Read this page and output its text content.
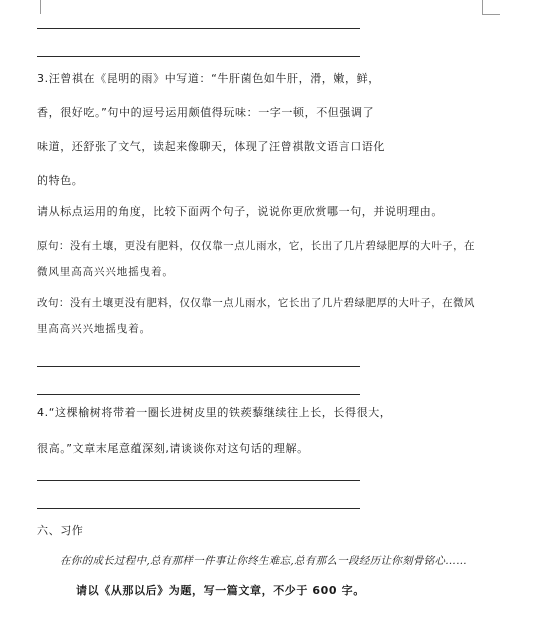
3.汪曾祺在《昆明的雨》中写道：“牛肝菌色如牛肝，滑，嫩，鲜，
香，很好吃。”句中的逗号运用颇值得玩味：一字一顿，不但强调了
味道，还舒张了文气，读起来像聊天，体现了汪曾祺散文语言口语化
的特色。
请从标点运用的角度，比较下面两个句子，说说你更欣赏哪一句，并说明理由。
原句：没有土壤，更没有肥料，仅仅靠一点儿雨水，它，长出了几片碧绿肥厚的大叶子，在
微风里高高兴兴地摇曳着。
改句：没有土壤更没有肥料，仅仅靠一点儿雨水，它长出了几片碧绿肥厚的大叶子，在微风
里高高兴兴地摇曳着。
4.“这棵榆树将带着一圈长进树皮里的铁蒺藜继续往上长，长得很大，
很高。”文章末尾意蕴深刻,请谈谈你对这句话的理解。
六、习作
在你的成长过程中,总有那样一件事让你终生难忘,总有那么一段经历让你刻骨铭心……
请以《从那以后》为题，写一篇文章，不少于 600 字。
